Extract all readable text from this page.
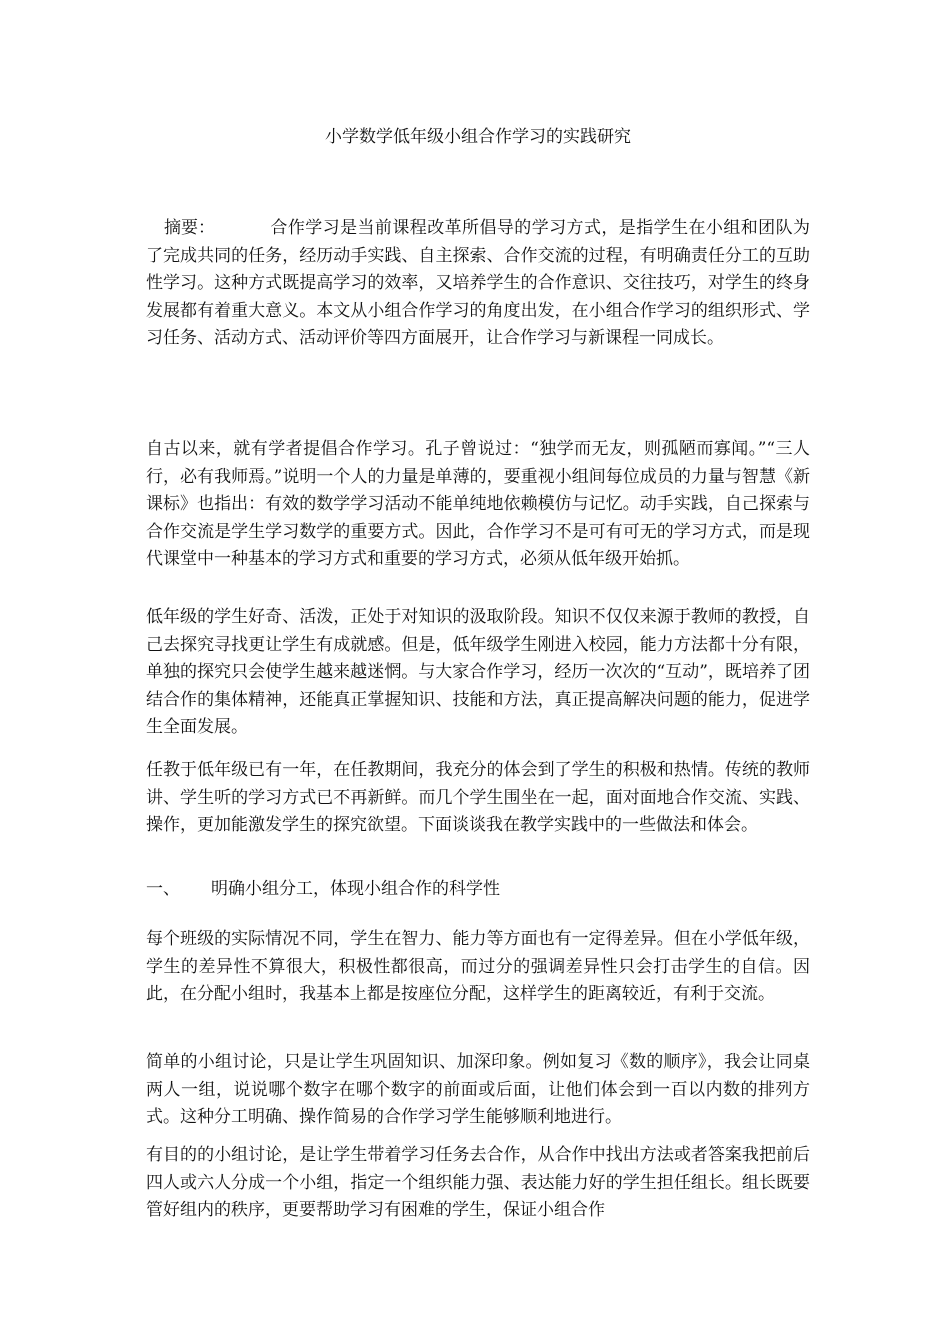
小学数学低年级小组合作学习的实践研究
摘要：	合作学习是当前课程改革所倡导的学习方式，是指学生在小组和团队为了完成共同的任务，经历动手实践、自主探索、合作交流的过程，有明确责任分工的互助性学习。这种方式既提高学习的效率，又培养学生的合作意识、交往技巧，对学生的终身发展都有着重大意义。本文从小组合作学习的角度出发，在小组合作学习的组织形式、学习任务、活动方式、活动评价等四方面展开，让合作学习与新课程一同成长。
自古以来，就有学者提倡合作学习。孔子曾说过：“独学而无友，则孤陋而寡闻。”“三人行，必有我师焉。”说明一个人的力量是单薄的，要重视小组间每位成员的力量与智慧《新课标》也指出：有效的数学学习活动不能单纯地依赖模仿与记忆。动手实践，自己探索与合作交流是学生学习数学的重要方式。因此，合作学习不是可有可无的学习方式，而是现代课堂中一种基本的学习方式和重要的学习方式，必须从低年级开始抓。
低年级的学生好奇、活泼，正处于对知识的汲取阶段。知识不仅仅来源于教师的教授，自己去探究寻找更让学生有成就感。但是，低年级学生刚进入校园，能力方法都十分有限，单独的探究只会使学生越来越迷惘。与大家合作学习，经历一次次的“互动”，既培养了团结合作的集体精神，还能真正掌握知识、技能和方法，真正提高解决问题的能力，促进学生全面发展。
任教于低年级已有一年，在任教期间，我充分的体会到了学生的积极和热情。传统的教师讲、学生听的学习方式已不再新鲜。而几个学生围坐在一起，面对面地合作交流、实践、操作，更加能激发学生的探究欲望。下面谈谈我在教学实践中的一些做法和体会。
一、 明确小组分工，体现小组合作的科学性
每个班级的实际情况不同，学生在智力、能力等方面也有一定得差异。但在小学低年级，学生的差异性不算很大，积极性都很高，而过分的强调差异性只会打击学生的自信。因此，在分配小组时，我基本上都是按座位分配，这样学生的距离较近，有利于交流。
简单的小组讨论，只是让学生巩固知识、加深印象。例如复习《数的顺序》，我会让同桌两人一组，说说哪个数字在哪个数字的前面或后面，让他们体会到一百以内数的排列方式。这种分工明确、操作简易的合作学习学生能够顺利地进行。
有目的的小组讨论，是让学生带着学习任务去合作，从合作中找出方法或者答案我把前后四人或六人分成一个小组，指定一个组织能力强、表达能力好的学生担任组长。组长既要管好组内的秩序，更要帮助学习有困难的学生，保证小组合作
